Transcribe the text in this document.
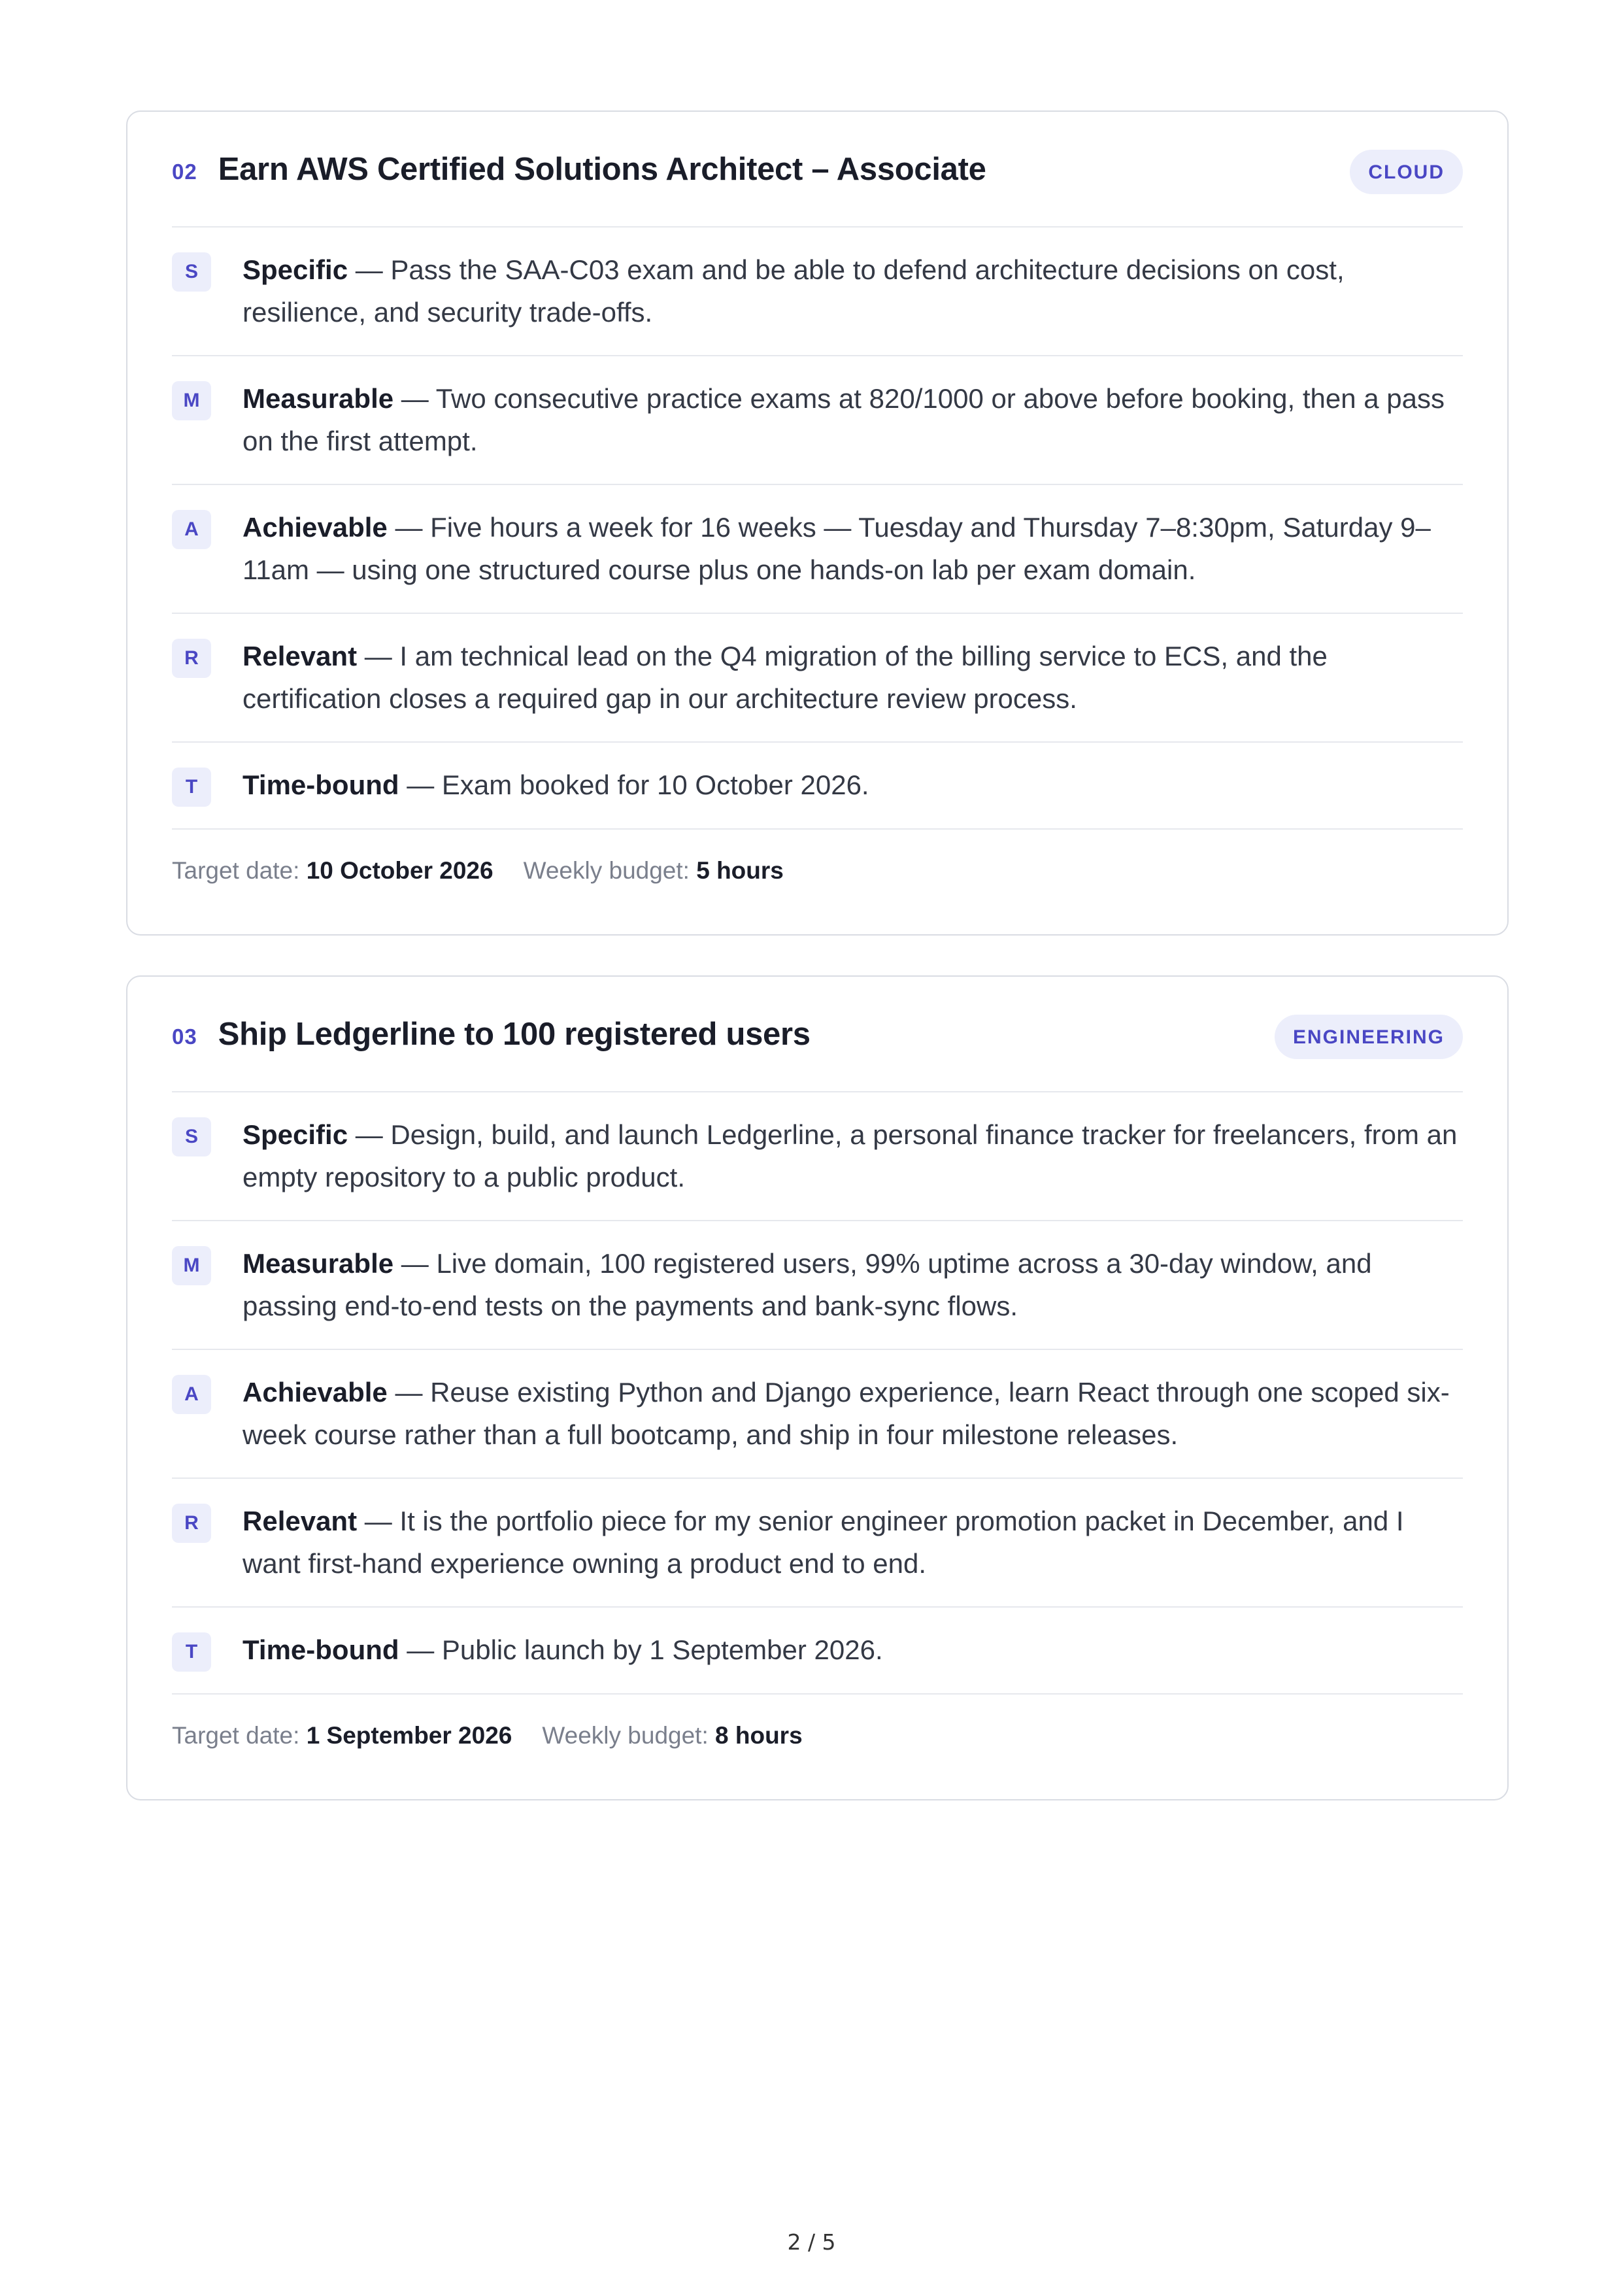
02 Earn AWS Certified Solutions Architect – Associate	CLOUD
S	Specific — Pass the SAA-C03 exam and be able to defend architecture decisions on cost, resilience, and security trade-offs.
M	Measurable — Two consecutive practice exams at 820/1000 or above before booking, then a pass on the first attempt.
A	Achievable — Five hours a week for 16 weeks — Tuesday and Thursday 7–8:30pm, Saturday 9–11am — using one structured course plus one hands-on lab per exam domain.
R	Relevant — I am technical lead on the Q4 migration of the billing service to ECS, and the certification closes a required gap in our architecture review process.
T	Time-bound — Exam booked for 10 October 2026.
Target date: 10 October 2026 Weekly budget: 5 hours
03 Ship Ledgerline to 100 registered users	ENGINEERING
S	Specific — Design, build, and launch Ledgerline, a personal finance tracker for freelancers, from an empty repository to a public product.
M	Measurable — Live domain, 100 registered users, 99% uptime across a 30-day window, and passing end-to-end tests on the payments and bank-sync flows.
A	Achievable — Reuse existing Python and Django experience, learn React through one scoped six-week course rather than a full bootcamp, and ship in four milestone releases.
R	Relevant — It is the portfolio piece for my senior engineer promotion packet in December, and I want first-hand experience owning a product end to end.
T	Time-bound — Public launch by 1 September 2026.
Target date: 1 September 2026 Weekly budget: 8 hours
2 / 5
